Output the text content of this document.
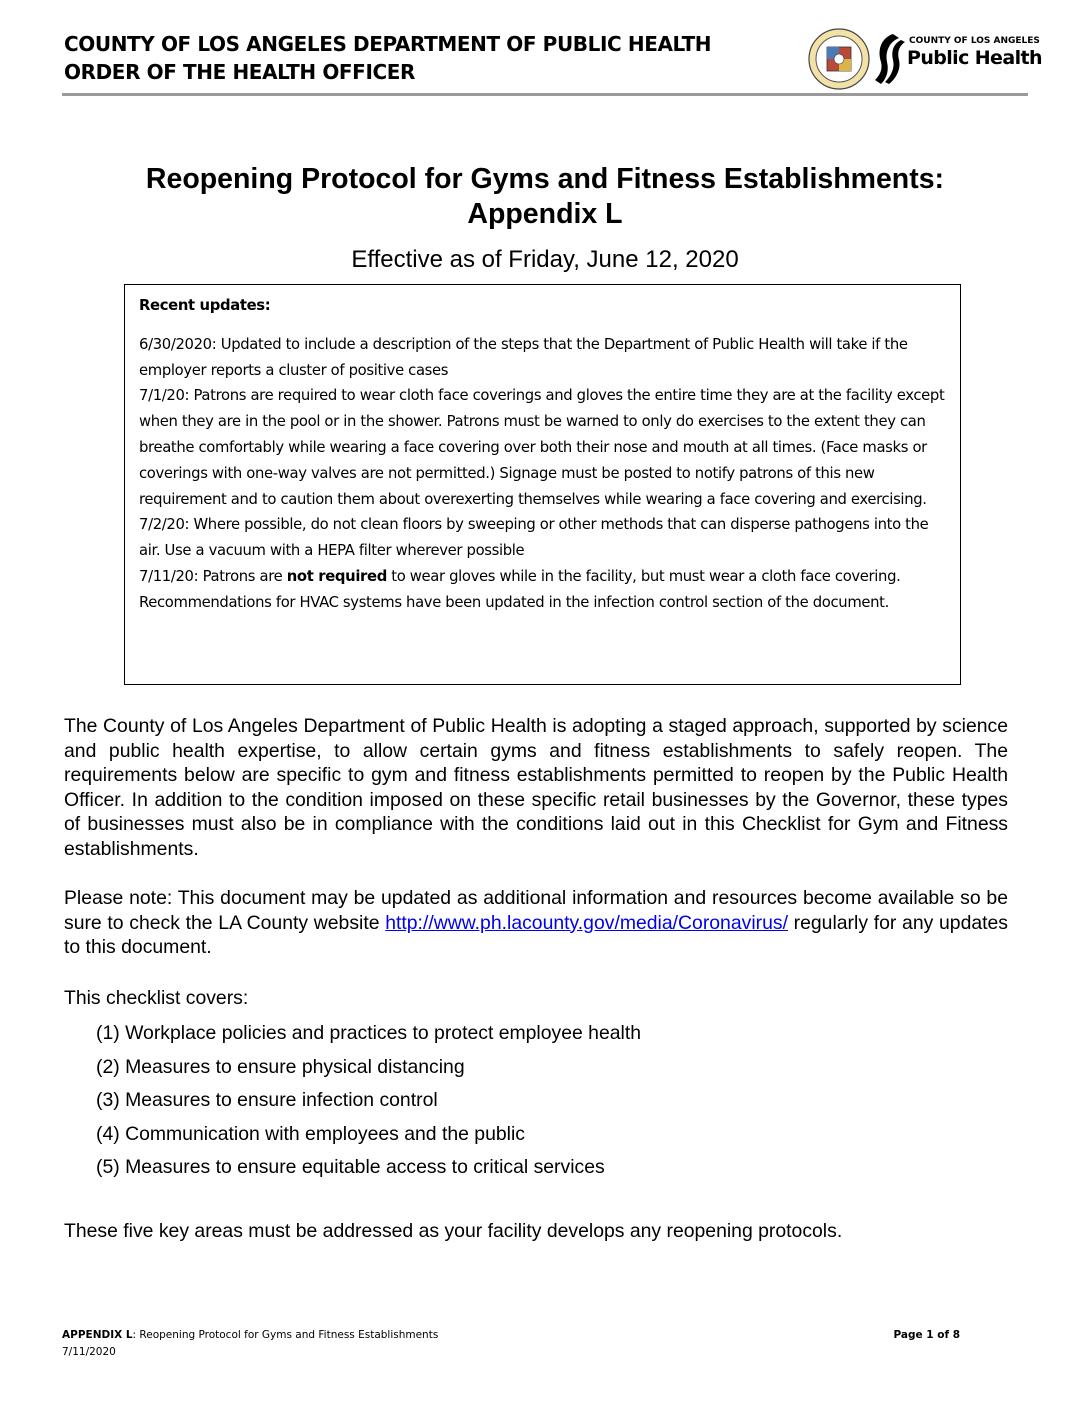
COUNTY OF LOS ANGELES DEPARTMENT OF PUBLIC HEALTH
ORDER OF THE HEALTH OFFICER
COUNTY OF LOS ANGELES
Public Health
Reopening Protocol for Gyms and Fitness Establishments:
Appendix L

Effective as of Friday, June 12, 2020

Recent updates:

6/30/2020: Updated to include a description of the steps that the Department of Public Health will take if the employer reports a cluster of positive cases

7/1/20: Patrons are required to wear cloth face coverings and gloves the entire time they are at the facility except when they are in the pool or in the shower. Patrons must be warned to only do exercises to the extent they can breathe comfortably while wearing a face covering over both their nose and mouth at all times. (Face masks or coverings with one-way valves are not permitted.) Signage must be posted to notify patrons of this new requirement and to caution them about overexerting themselves while wearing a face covering and exercising.

7/2/20: Where possible, do not clean floors by sweeping or other methods that can disperse pathogens into the air. Use a vacuum with a HEPA filter wherever possible

7/11/20: Patrons are not required to wear gloves while in the facility, but must wear a cloth face covering. Recommendations for HVAC systems have been updated in the infection control section of the document.

The County of Los Angeles Department of Public Health is adopting a staged approach, supported by science and public health expertise, to allow certain gyms and fitness establishments to safely reopen. The requirements below are specific to gym and fitness establishments permitted to reopen by the Public Health Officer. In addition to the condition imposed on these specific retail businesses by the Governor, these types of businesses must also be in compliance with the conditions laid out in this Checklist for Gym and Fitness establishments.

Please note: This document may be updated as additional information and resources become available so be sure to check the LA County website http://www.ph.lacounty.gov/media/Coronavirus/ regularly for any updates to this document.

This checklist covers:

(1) Workplace policies and practices to protect employee health
(2) Measures to ensure physical distancing
(3) Measures to ensure infection control
(4) Communication with employees and the public
(5) Measures to ensure equitable access to critical services

These five key areas must be addressed as your facility develops any reopening protocols.

APPENDIX L: Reopening Protocol for Gyms and Fitness Establishments
7/11/2020
Page 1 of 8
